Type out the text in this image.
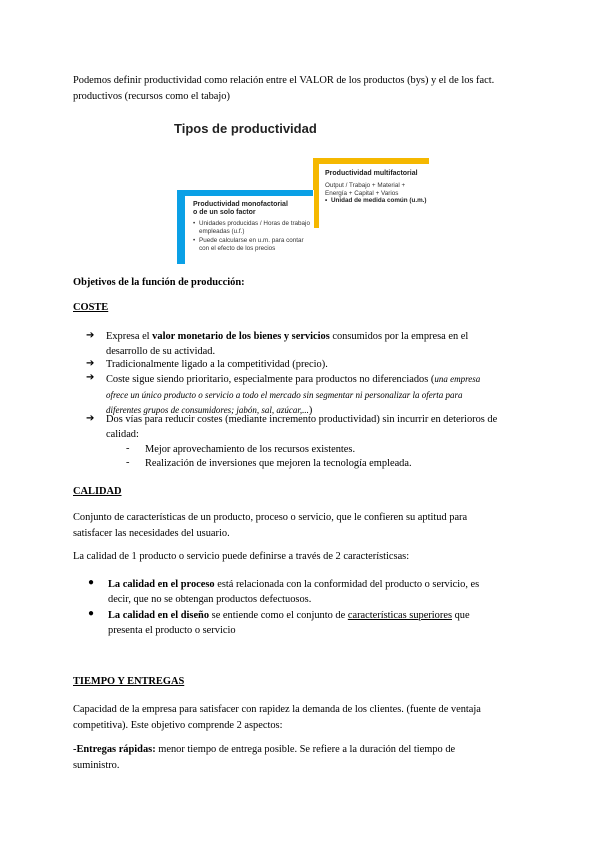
Podemos definir productividad como relación entre el VALOR de los productos (bys) y el de los fact.
productivos (recursos como el tabajo)
Tipos de productividad
Productividad multifactorial
Output / Trabajo + Material +
Energía + Capital + Varios
• Unidad de medida común (u.m.)
Productividad monofactorial
o de un solo factor
• Unidades producidas / Horas de trabajo empleadas (u.f.)
• Puede calcularse en u.m. para contar con el efecto de los precios
Objetivos de la función de producción:
COSTE
➔ Expresa el valor monetario de los bienes y servicios consumidos por la empresa en el
desarrollo de su actividad.
➔ Tradicionalmente ligado a la competitividad (precio).
➔ Coste sigue siendo prioritario, especialmente para productos no diferenciados (una empresa
ofrece un único producto o servicio a todo el mercado sin segmentar ni personalizar la oferta para
diferentes grupos de consumidores; jabón, sal, azúcar,...)
➔ Dos vías para reducir costes (mediante incremento productividad) sin incurrir en deterioros de
calidad:
- Mejor aprovechamiento de los recursos existentes.
- Realización de inversiones que mejoren la tecnología empleada.
CALIDAD
Conjunto de características de un producto, proceso o servicio, que le confieren su aptitud para
satisfacer las necesidades del usuario.
La calidad de 1 producto o servicio puede definirse a través de 2 característicsas:
● La calidad en el proceso está relacionada con la conformidad del producto o servicio, es
decir, que no se obtengan productos defectuosos.
● La calidad en el diseño se entiende como el conjunto de características superiores que
presenta el producto o servicio
TIEMPO Y ENTREGAS
Capacidad de la empresa para satisfacer con rapidez la demanda de los clientes. (fuente de ventaja
competitiva). Este objetivo comprende 2 aspectos:
-Entregas rápidas: menor tiempo de entrega posible. Se refiere a la duración del tiempo de
suministro.
